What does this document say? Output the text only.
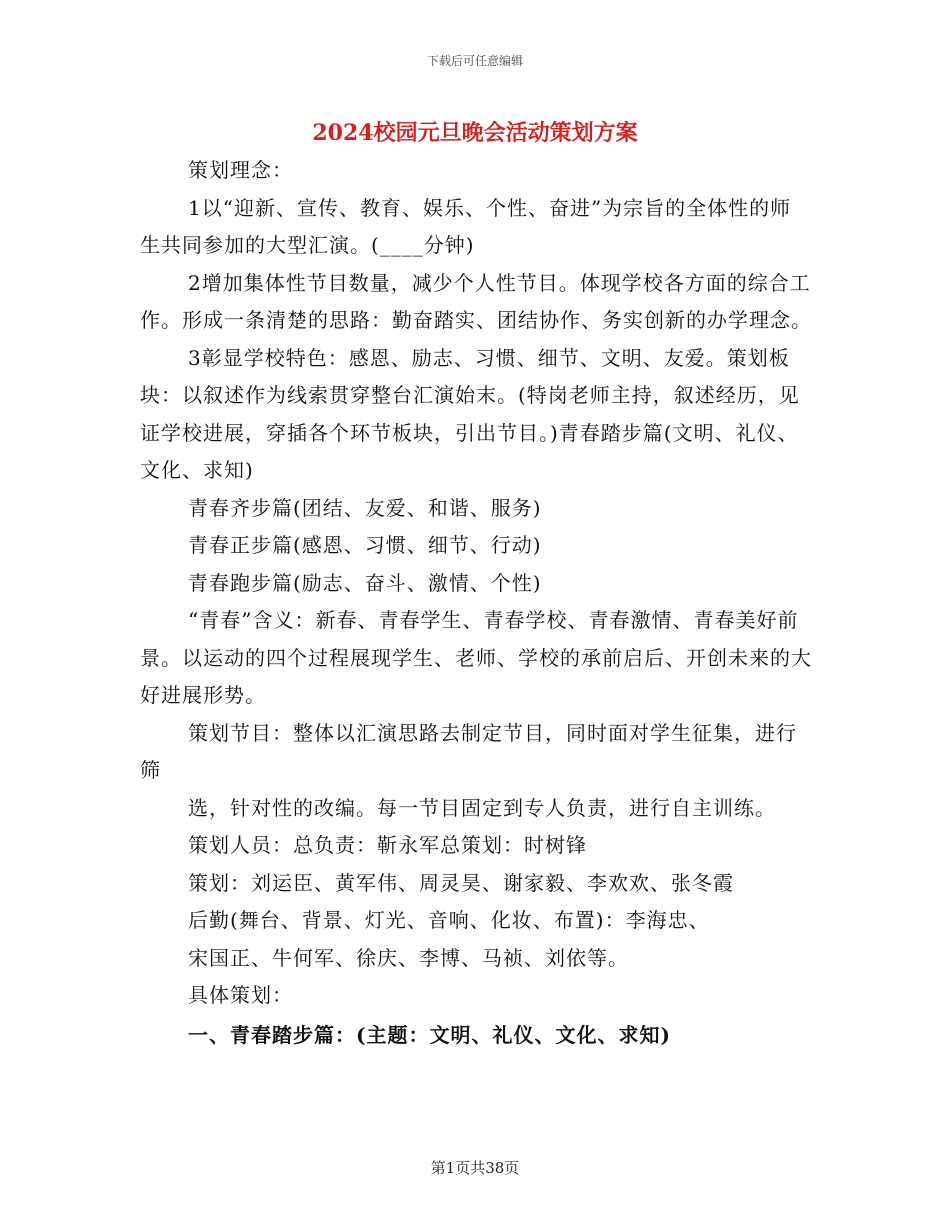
下载后可任意编辑
2024校园元旦晚会活动策划方案

策划理念：

1以“迎新、宣传、教育、娱乐、个性、奋进”为宗旨的全体性的师生共同参加的大型汇演。(____分钟)

2增加集体性节目数量，减少个人性节目。体现学校各方面的综合工作。形成一条清楚的思路：勤奋踏实、团结协作、务实创新的办学理念。

3彰显学校特色：感恩、励志、习惯、细节、文明、友爱。策划板块：以叙述作为线索贯穿整台汇演始末。(特岗老师主持，叙述经历，见证学校进展，穿插各个环节板块，引出节目。)青春踏步篇(文明、礼仪、文化、求知)

青春齐步篇(团结、友爱、和谐、服务)

青春正步篇(感恩、习惯、细节、行动)

青春跑步篇(励志、奋斗、激情、个性)

“青春”含义：新春、青春学生、青春学校、青春激情、青春美好前景。以运动的四个过程展现学生、老师、学校的承前启后、开创未来的大好进展形势。

策划节目：整体以汇演思路去制定节目，同时面对学生征集，进行筛

选，针对性的改编。每一节目固定到专人负责，进行自主训练。

策划人员：总负责：靳永军总策划：时树锋

策划：刘运臣、黄军伟、周灵昊、谢家毅、李欢欢、张冬霞

后勤(舞台、背景、灯光、音响、化妆、布置)：李海忠、

宋国正、牛何军、徐庆、李博、马祯、刘依等。

具体策划：

一、青春踏步篇：(主题：文明、礼仪、文化、求知)

第1页共38页
